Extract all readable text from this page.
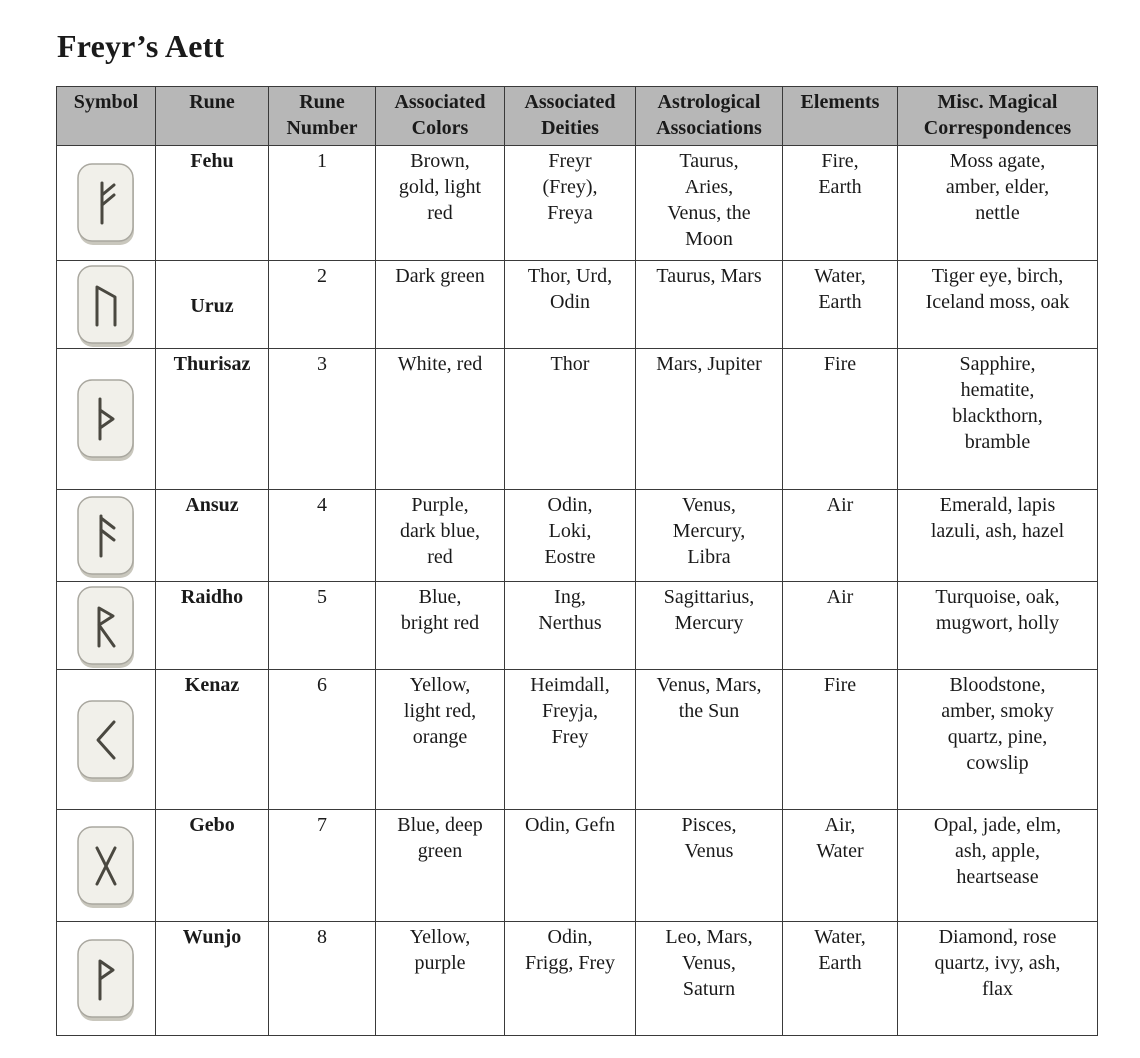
Freyr’s Aett
Symbol	Rune	Rune
Number	Associated
Colors	Associated
Deities	Astrological
Associations	Elements	Misc. Magical
Correspondences

	Fehu	1	Brown,
gold, light
red	Freyr
(Frey),
Freya	Taurus,
Aries,
Venus, the
Moon	Fire,
Earth	Moss agate,
amber, elder,
nettle

	Uruz	2	Dark green	Thor, Urd,
Odin	Taurus, Mars	Water,
Earth	Tiger eye, birch,
Iceland moss, oak

	Thurisaz	3	White, red	Thor	Mars, Jupiter	Fire	Sapphire,
hematite,
blackthorn,
bramble

	Ansuz	4	Purple,
dark blue,
red	Odin,
Loki,
Eostre	Venus,
Mercury,
Libra	Air	Emerald, lapis
lazuli, ash, hazel

	Raidho	5	Blue,
bright red	Ing,
Nerthus	Sagittarius,
Mercury	Air	Turquoise, oak,
mugwort, holly

	Kenaz	6	Yellow,
light red,
orange	Heimdall,
Freyja,
Frey	Venus, Mars,
the Sun	Fire	Bloodstone,
amber, smoky
quartz, pine,
cowslip

	Gebo	7	Blue, deep
green	Odin, Gefn	Pisces,
Venus	Air,
Water	Opal, jade, elm,
ash, apple,
heartsease

	Wunjo	8	Yellow,
purple	Odin,
Frigg, Frey	Leo, Mars,
Venus,
Saturn	Water,
Earth	Diamond, rose
quartz, ivy, ash,
flax
